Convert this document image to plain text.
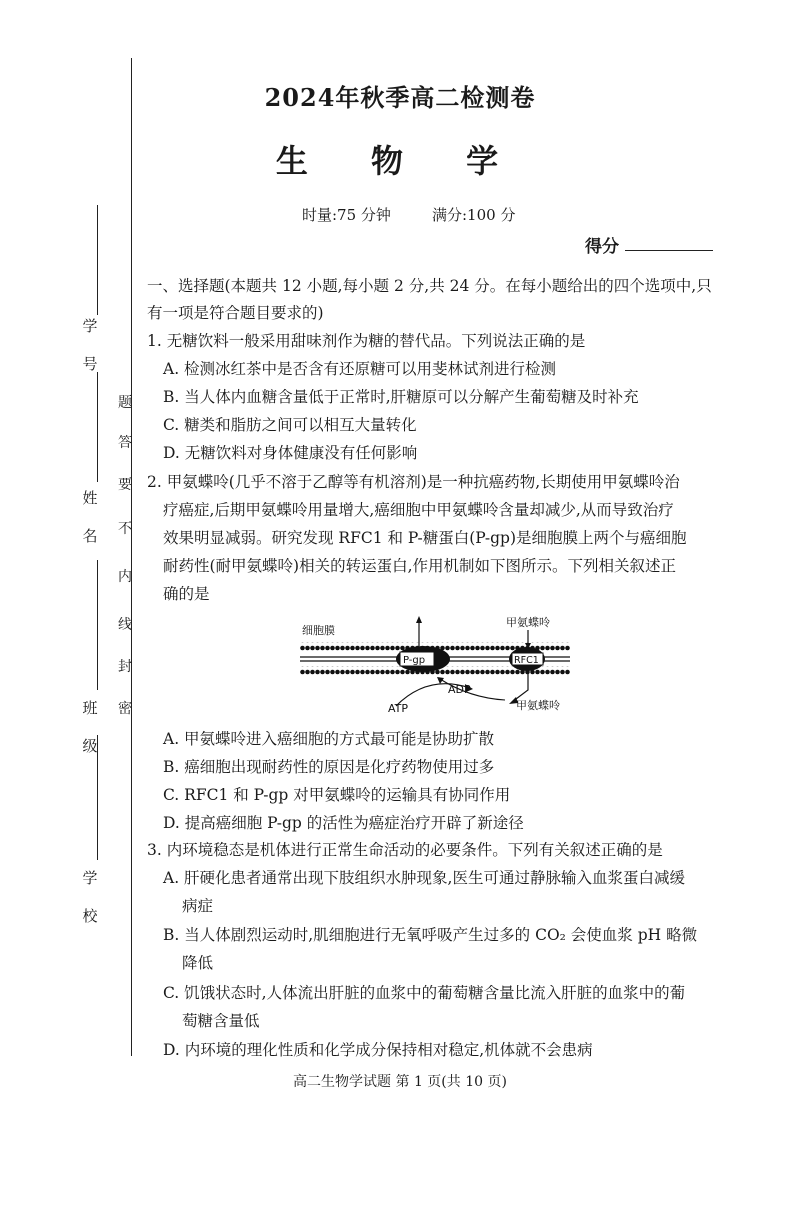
学
号
姓
名
班
级
学
校
题
答
要
不
内
线
封
密
2024年秋季高二检测卷
生 物 学
时量:75 分钟	满分:100 分
得分
一、选择题(本题共 12 小题,每小题 2 分,共 24 分。在每小题给出的四个选项中,只
有一项是符合题目要求的)
1. 无糖饮料一般采用甜味剂作为糖的替代品。下列说法正确的是
A. 检测冰红茶中是否含有还原糖可以用斐林试剂进行检测
B. 当人体内血糖含量低于正常时,肝糖原可以分解产生葡萄糖及时补充
C. 糖类和脂肪之间可以相互大量转化
D. 无糖饮料对身体健康没有任何影响
2. 甲氨蝶呤(几乎不溶于乙醇等有机溶剂)是一种抗癌药物,长期使用甲氨蝶呤治
疗癌症,后期甲氨蝶呤用量增大,癌细胞中甲氨蝶呤含量却减少,从而导致治疗
效果明显减弱。研究发现 RFC1 和 P-糖蛋白(P-gp)是细胞膜上两个与癌细胞
耐药性(耐甲氨蝶呤)相关的转运蛋白,作用机制如下图所示。下列相关叙述正
确的是
细胞膜
甲氨蝶呤
P-gp	RFC1
ATP
ADP
甲氨蝶呤
A. 甲氨蝶呤进入癌细胞的方式最可能是协助扩散
B. 癌细胞出现耐药性的原因是化疗药物使用过多
C. RFC1 和 P-gp 对甲氨蝶呤的运输具有协同作用
D. 提高癌细胞 P-gp 的活性为癌症治疗开辟了新途径
3. 内环境稳态是机体进行正常生命活动的必要条件。下列有关叙述正确的是
A. 肝硬化患者通常出现下肢组织水肿现象,医生可通过静脉输入血浆蛋白减缓
病症
B. 当人体剧烈运动时,肌细胞进行无氧呼吸产生过多的 CO₂ 会使血浆 pH 略微
降低
C. 饥饿状态时,人体流出肝脏的血浆中的葡萄糖含量比流入肝脏的血浆中的葡
萄糖含量低
D. 内环境的理化性质和化学成分保持相对稳定,机体就不会患病
高二生物学试题 第 1 页(共 10 页)
